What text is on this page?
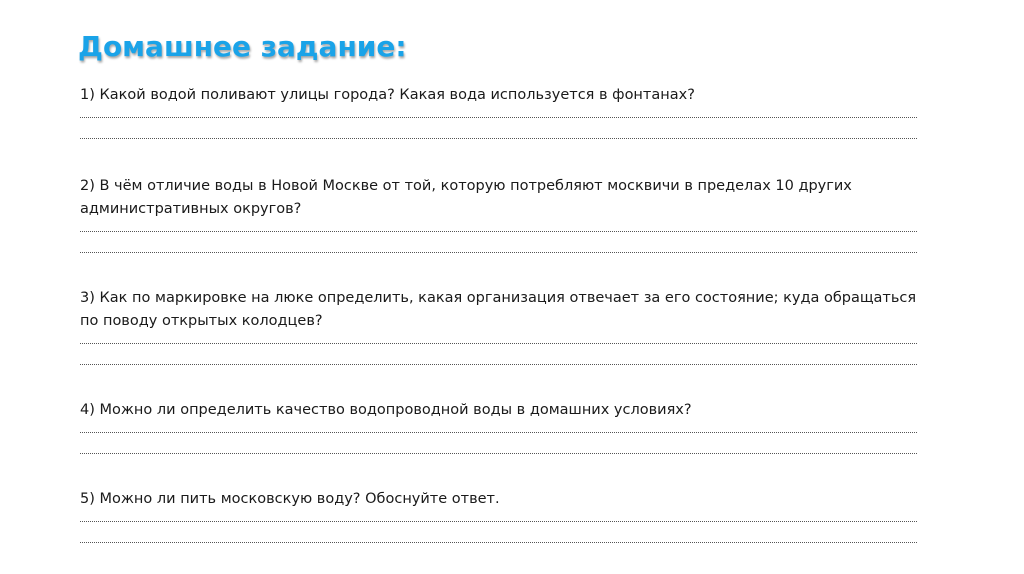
Домашнее задание:

1) Какой водой поливают улицы города? Какая вода используется в фонтанах?

2) В чём отличие воды в Новой Москве от той, которую потребляют москвичи в пределах 10 других административных округов?

3) Как по маркировке на люке определить, какая организация отвечает за его состояние; куда обращаться по поводу открытых колодцев?

4) Можно ли определить качество водопроводной воды в домашних условиях?

5) Можно ли пить московскую воду? Обоснуйте ответ.
